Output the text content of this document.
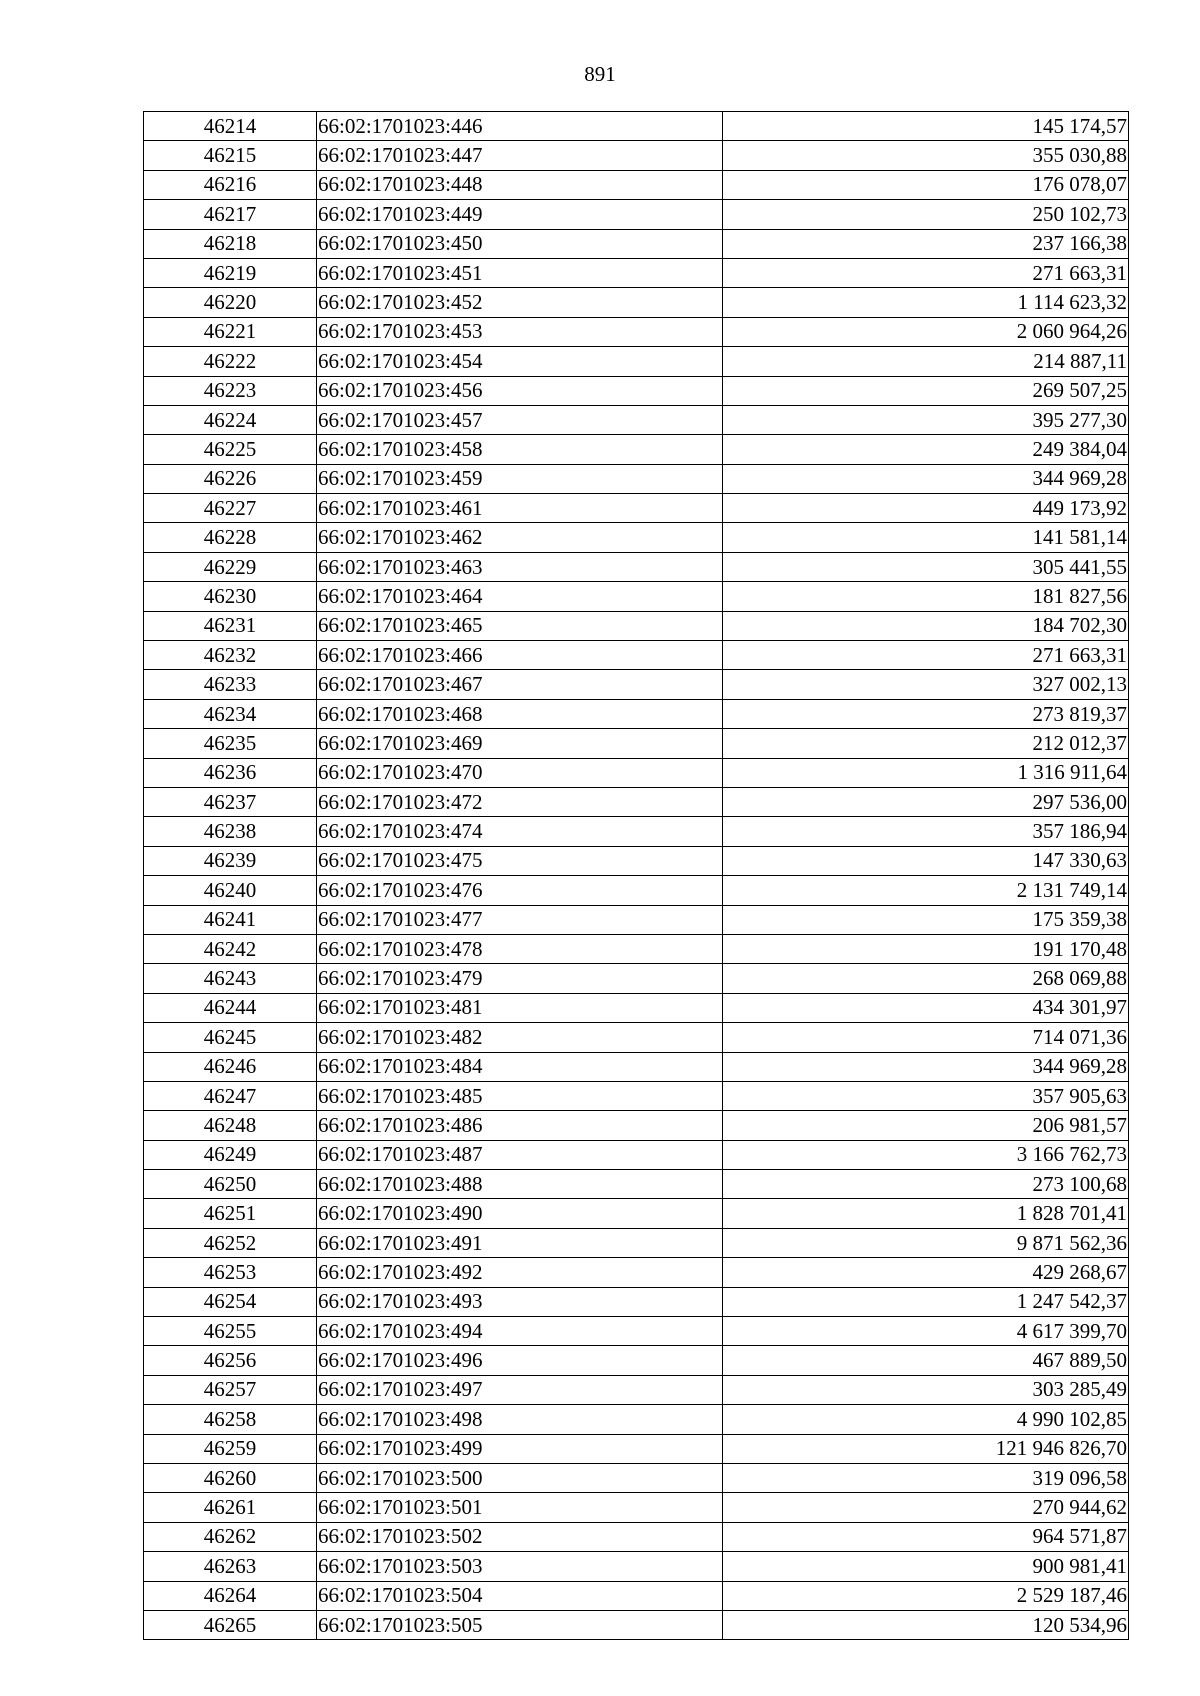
891
46214	66:02:1701023:446	145 174,57
46215	66:02:1701023:447	355 030,88
46216	66:02:1701023:448	176 078,07
46217	66:02:1701023:449	250 102,73
46218	66:02:1701023:450	237 166,38
46219	66:02:1701023:451	271 663,31
46220	66:02:1701023:452	1 114 623,32
46221	66:02:1701023:453	2 060 964,26
46222	66:02:1701023:454	214 887,11
46223	66:02:1701023:456	269 507,25
46224	66:02:1701023:457	395 277,30
46225	66:02:1701023:458	249 384,04
46226	66:02:1701023:459	344 969,28
46227	66:02:1701023:461	449 173,92
46228	66:02:1701023:462	141 581,14
46229	66:02:1701023:463	305 441,55
46230	66:02:1701023:464	181 827,56
46231	66:02:1701023:465	184 702,30
46232	66:02:1701023:466	271 663,31
46233	66:02:1701023:467	327 002,13
46234	66:02:1701023:468	273 819,37
46235	66:02:1701023:469	212 012,37
46236	66:02:1701023:470	1 316 911,64
46237	66:02:1701023:472	297 536,00
46238	66:02:1701023:474	357 186,94
46239	66:02:1701023:475	147 330,63
46240	66:02:1701023:476	2 131 749,14
46241	66:02:1701023:477	175 359,38
46242	66:02:1701023:478	191 170,48
46243	66:02:1701023:479	268 069,88
46244	66:02:1701023:481	434 301,97
46245	66:02:1701023:482	714 071,36
46246	66:02:1701023:484	344 969,28
46247	66:02:1701023:485	357 905,63
46248	66:02:1701023:486	206 981,57
46249	66:02:1701023:487	3 166 762,73
46250	66:02:1701023:488	273 100,68
46251	66:02:1701023:490	1 828 701,41
46252	66:02:1701023:491	9 871 562,36
46253	66:02:1701023:492	429 268,67
46254	66:02:1701023:493	1 247 542,37
46255	66:02:1701023:494	4 617 399,70
46256	66:02:1701023:496	467 889,50
46257	66:02:1701023:497	303 285,49
46258	66:02:1701023:498	4 990 102,85
46259	66:02:1701023:499	121 946 826,70
46260	66:02:1701023:500	319 096,58
46261	66:02:1701023:501	270 944,62
46262	66:02:1701023:502	964 571,87
46263	66:02:1701023:503	900 981,41
46264	66:02:1701023:504	2 529 187,46
46265	66:02:1701023:505	120 534,96
